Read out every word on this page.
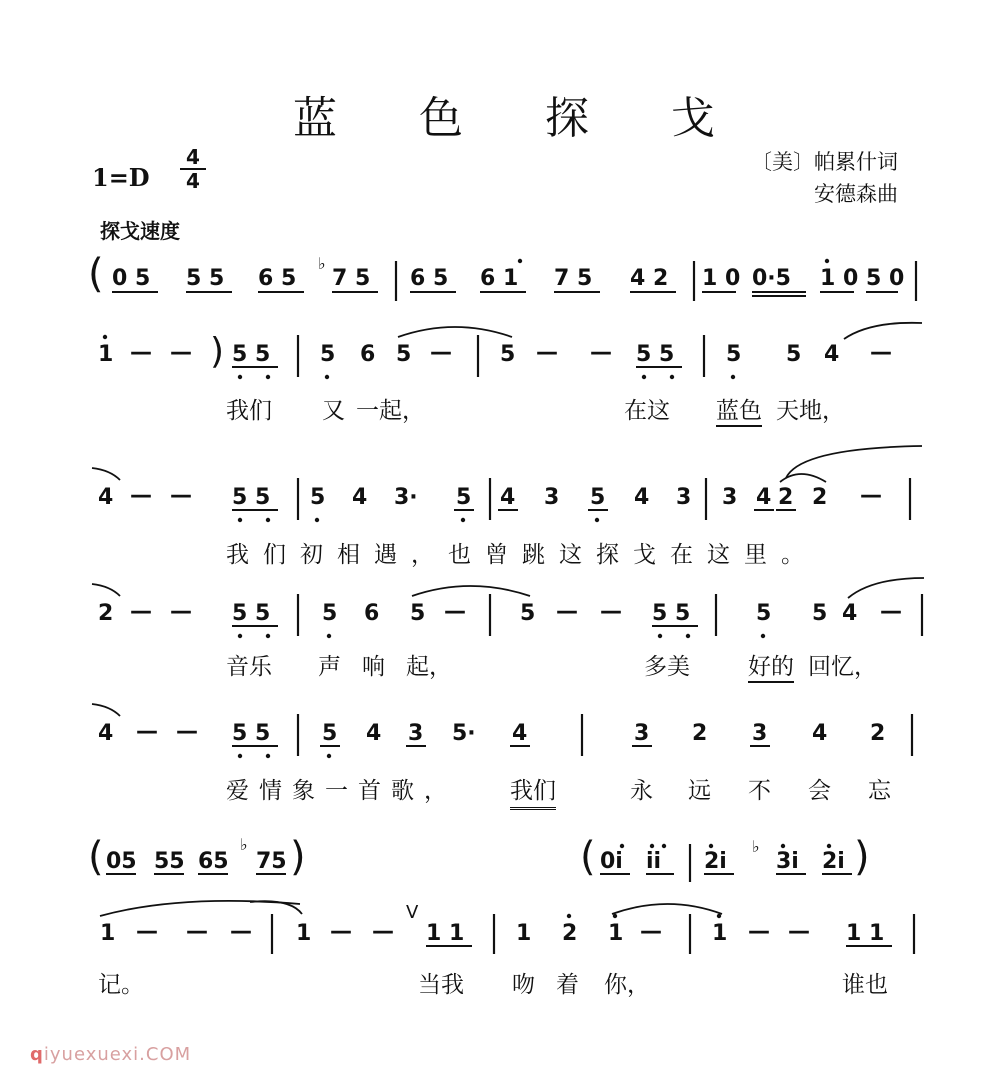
蓝 色 探 戈
1=D
4
4
〔美〕帕累什词
安德森曲
探戈速度
( 0 5 5 5 6 5
♭
7 5 6 5 6 1 7 5 4 2 1 0 0·5 1 0 5 0
1 — — ) 5 5 5 6 5 — 5 — — 5 5 5 5 4 —
我们 又 一起，	在这 蓝色 天地，
4 — — 5 5 5 4 3· 5 4 3 5 4 3 3 4 2 2 —
我们初相遇，也曾跳这探戈在这里。
2 — — 5 5 5 6 5 — 5 — — 5 5	5 5 4 —
音乐 声 响 起，	多美	好的 回忆，
4 — — 5 5 5 4 3 5· 4	3 2 3 4 2
爱情象一首歌， 我们	永 远 不 会 忘
( 05 55 65
♭
75 )	( 0i ii 2i
♭
3i 2i )
1 — — — 1 — —
V
1 1 1 2 1 — 1 — — 1 1
记。	当我 吻 着 你，	谁也
qiyuexuexi.COM
